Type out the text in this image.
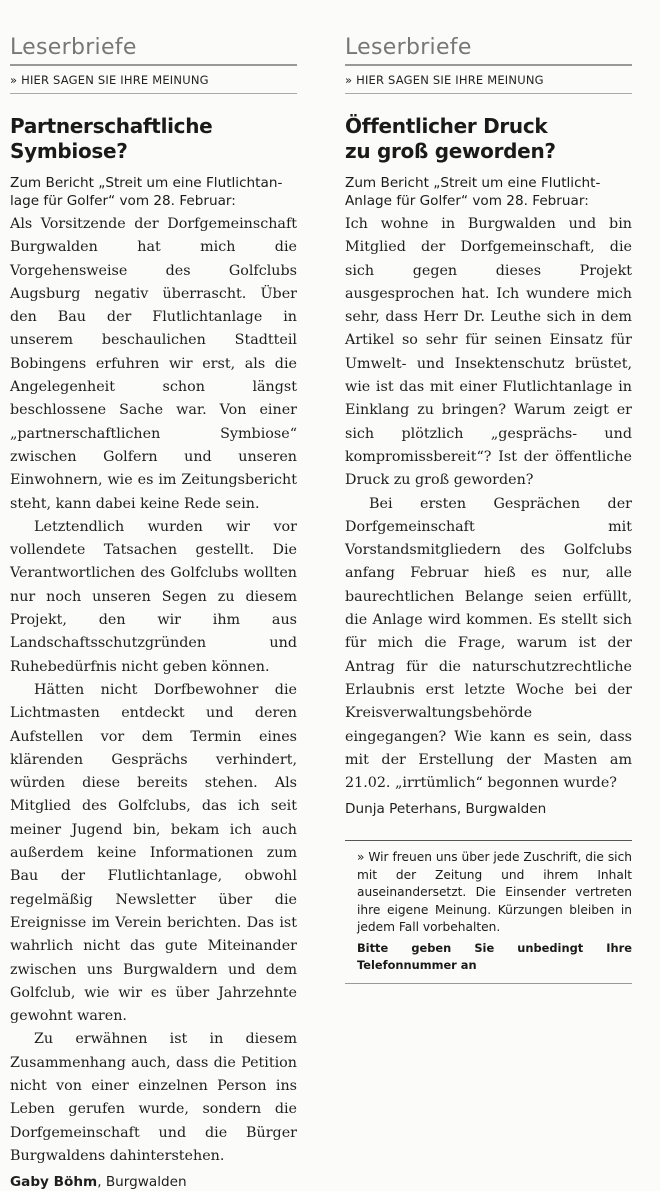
Leserbriefe
» HIER SAGEN SIE IHRE MEINUNG
Partnerschaftliche
Symbiose?
Zum Bericht „Streit um eine Flutlichtan-lage für Golfer“ vom 28. Februar:

Als Vorsitzende der Dorfgemeinschaft Burgwalden hat mich die Vorgehensweise des Golfclubs Augsburg negativ überrascht. Über den Bau der Flutlichtanlage in unserem beschaulichen Stadtteil Bobingens erfuhren wir erst, als die Angelegenheit schon längst beschlossene Sache war. Von einer „partnerschaftlichen Symbiose“ zwischen Golfern und unseren Einwohnern, wie es im Zeitungsbericht steht, kann dabei keine Rede sein.

Letztendlich wurden wir vor vollendete Tatsachen gestellt. Die Verantwortlichen des Golfclubs wollten nur noch unseren Segen zu diesem Projekt, den wir ihm aus Landschaftsschutzgründen und Ruhebedürfnis nicht geben können.

Hätten nicht Dorfbewohner die Lichtmasten entdeckt und deren Aufstellen vor dem Termin eines klärenden Gesprächs verhindert, würden diese bereits stehen. Als Mitglied des Golfclubs, das ich seit meiner Jugend bin, bekam ich auch außerdem keine Informationen zum Bau der Flutlichtanlage, obwohl regelmäßig Newsletter über die Ereignisse im Verein berichten. Das ist wahrlich nicht das gute Miteinander zwischen uns Burgwaldern und dem Golfclub, wie wir es über Jahrzehnte gewohnt waren.

Zu erwähnen ist in diesem Zusammenhang auch, dass die Petition nicht von einer einzelnen Person ins Leben gerufen wurde, sondern die Dorfgemeinschaft und die Bürger Burgwaldens dahinterstehen.

Gaby Böhm, Burgwalden
Leserbriefe
» HIER SAGEN SIE IHRE MEINUNG
Öffentlicher Druck
zu groß geworden?
Zum Bericht „Streit um eine Flutlicht-Anlage für Golfer“ vom 28. Februar:

Ich wohne in Burgwalden und bin Mitglied der Dorfgemeinschaft, die sich gegen dieses Projekt ausgesprochen hat. Ich wundere mich sehr, dass Herr Dr. Leuthe sich in dem Artikel so sehr für seinen Einsatz für Umwelt- und Insektenschutz brüstet, wie ist das mit einer Flutlichtanlage in Einklang zu bringen? Warum zeigt er sich plötzlich „gesprächs- und kompromissbereit“? Ist der öffentliche Druck zu groß geworden?

Bei ersten Gesprächen der Dorfgemeinschaft mit Vorstandsmitgliedern des Golfclubs anfang Februar hieß es nur, alle baurechtlichen Belange seien erfüllt, die Anlage wird kommen. Es stellt sich für mich die Frage, warum ist der Antrag für die naturschutzrechtliche Erlaubnis erst letzte Woche bei der Kreisverwaltungsbehörde eingegangen? Wie kann es sein, dass mit der Erstellung der Masten am 21.02. „irrtümlich“ begonnen wurde?

Dunja Peterhans, Burgwalden

» Wir freuen uns über jede Zuschrift, die sich mit der Zeitung und ihrem Inhalt auseinandersetzt. Die Einsender vertreten ihre eigene Meinung. Kürzungen bleiben in jedem Fall vorbehalten.

Bitte geben Sie unbedingt Ihre Telefonnummer an
